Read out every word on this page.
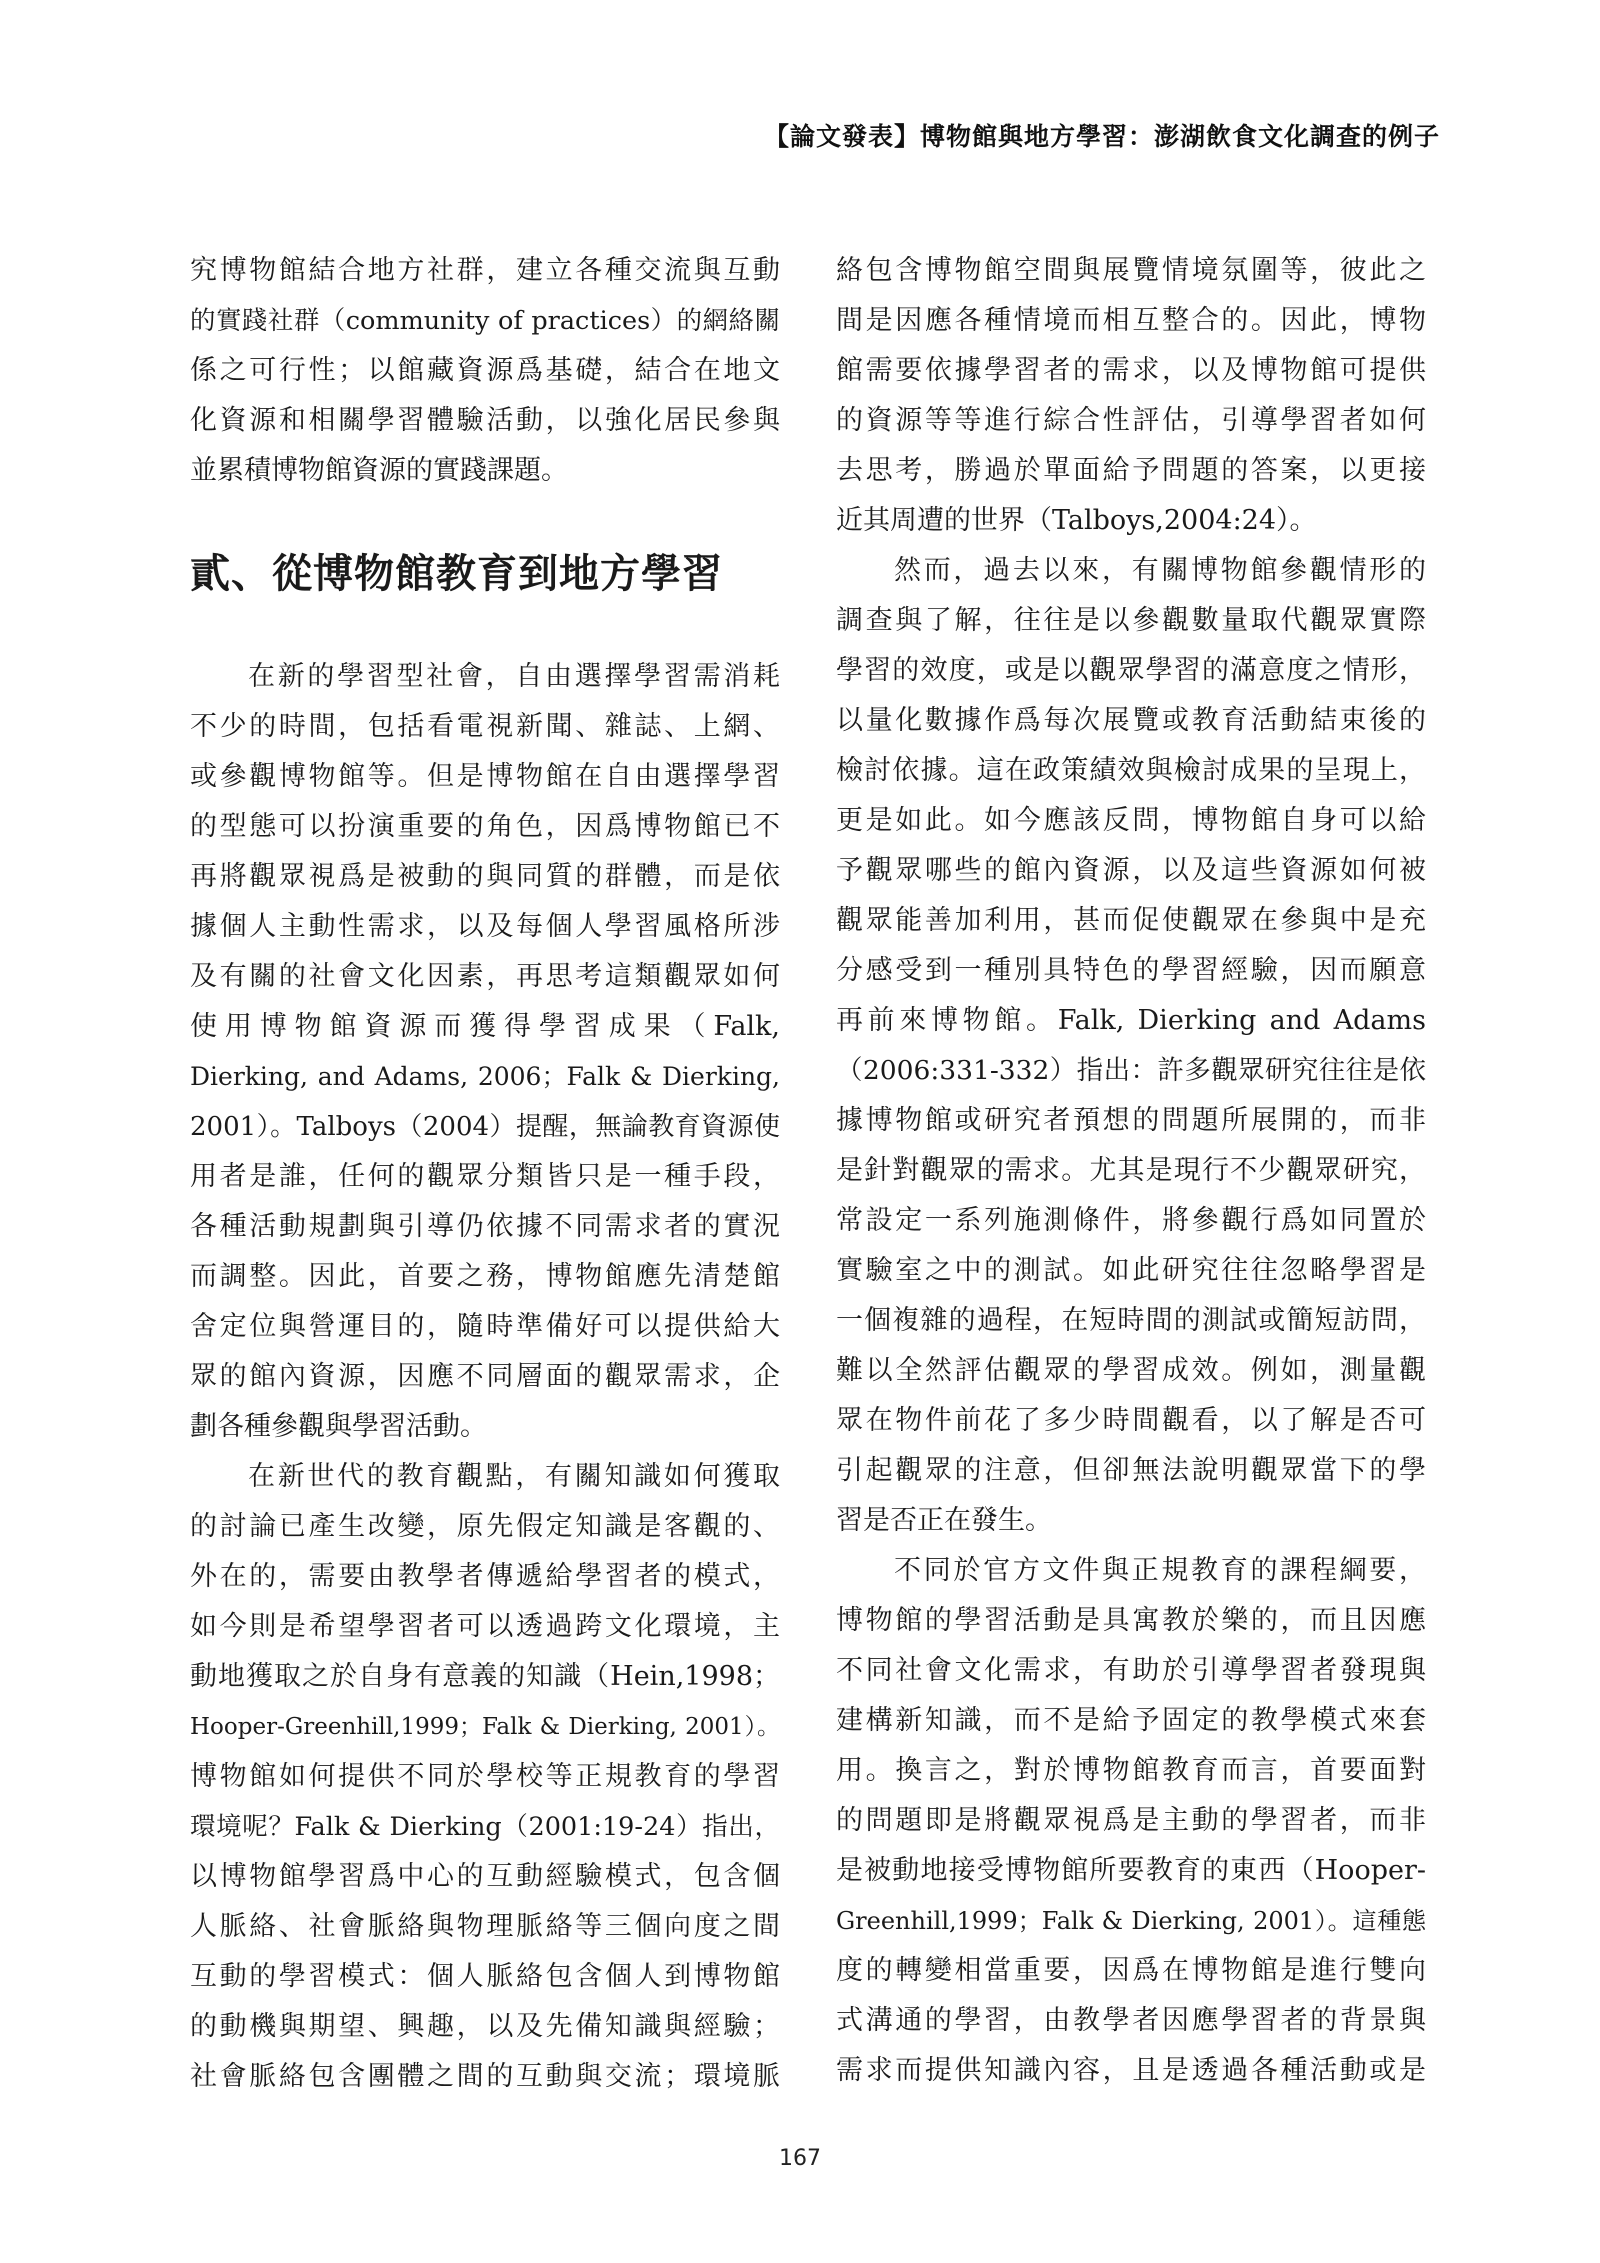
【論文發表】博物館與地方學習：澎湖飲食文化調查的例子
究博物館結合地方社群，建立各種交流與互動
的實踐社群（community of practices）的網絡關
係之可行性；以館藏資源爲基礎，結合在地文
化資源和相關學習體驗活動，以強化居民參與
並累積博物館資源的實踐課題。
貳、從博物館教育到地方學習
在新的學習型社會，自由選擇學習需消耗
不少的時間，包括看電視新聞、雜誌、上網、
或參觀博物館等。但是博物館在自由選擇學習
的型態可以扮演重要的角色，因爲博物館已不
再將觀眾視爲是被動的與同質的群體，而是依
據個人主動性需求，以及每個人學習風格所涉
及有關的社會文化因素，再思考這類觀眾如何
使用博物館資源而獲得學習成果（Falk,
Dierking, and Adams, 2006；Falk & Dierking,
2001）。Talboys（2004）提醒，無論教育資源使
用者是誰，任何的觀眾分類皆只是一種手段，
各種活動規劃與引導仍依據不同需求者的實況
而調整。因此，首要之務，博物館應先清楚館
舍定位與營運目的，隨時準備好可以提供給大
眾的館內資源，因應不同層面的觀眾需求，企
劃各種參觀與學習活動。
在新世代的教育觀點，有關知識如何獲取
的討論已產生改變，原先假定知識是客觀的、
外在的，需要由教學者傳遞給學習者的模式，
如今則是希望學習者可以透過跨文化環境，主
動地獲取之於自身有意義的知識（Hein,1998；
Hooper-Greenhill,1999；Falk & Dierking, 2001）。
博物館如何提供不同於學校等正規教育的學習
環境呢？Falk & Dierking（2001:19-24）指出，
以博物館學習爲中心的互動經驗模式，包含個
人脈絡、社會脈絡與物理脈絡等三個向度之間
互動的學習模式：個人脈絡包含個人到博物館
的動機與期望、興趣，以及先備知識與經驗；
社會脈絡包含團體之間的互動與交流；環境脈
絡包含博物館空間與展覽情境氛圍等，彼此之
間是因應各種情境而相互整合的。因此，博物
館需要依據學習者的需求，以及博物館可提供
的資源等等進行綜合性評估，引導學習者如何
去思考，勝過於單面給予問題的答案，以更接
近其周遭的世界（Talboys,2004:24）。
然而，過去以來，有關博物館參觀情形的
調查與了解，往往是以參觀數量取代觀眾實際
學習的效度，或是以觀眾學習的滿意度之情形，
以量化數據作爲每次展覽或教育活動結束後的
檢討依據。這在政策績效與檢討成果的呈現上，
更是如此。如今應該反問，博物館自身可以給
予觀眾哪些的館內資源，以及這些資源如何被
觀眾能善加利用，甚而促使觀眾在參與中是充
分感受到一種別具特色的學習經驗，因而願意
再前來博物館。Falk, Dierking and Adams
（2006:331-332）指出：許多觀眾研究往往是依
據博物館或研究者預想的問題所展開的，而非
是針對觀眾的需求。尤其是現行不少觀眾研究，
常設定一系列施測條件，將參觀行爲如同置於
實驗室之中的測試。如此研究往往忽略學習是
一個複雜的過程，在短時間的測試或簡短訪問，
難以全然評估觀眾的學習成效。例如，測量觀
眾在物件前花了多少時間觀看，以了解是否可
引起觀眾的注意，但卻無法說明觀眾當下的學
習是否正在發生。
不同於官方文件與正規教育的課程綱要，
博物館的學習活動是具寓教於樂的，而且因應
不同社會文化需求，有助於引導學習者發現與
建構新知識，而不是給予固定的教學模式來套
用。換言之，對於博物館教育而言，首要面對
的問題即是將觀眾視爲是主動的學習者，而非
是被動地接受博物館所要教育的東西（Hooper-
Greenhill,1999；Falk & Dierking, 2001）。這種態
度的轉變相當重要，因爲在博物館是進行雙向
式溝通的學習，由教學者因應學習者的背景與
需求而提供知識內容，且是透過各種活動或是
167
